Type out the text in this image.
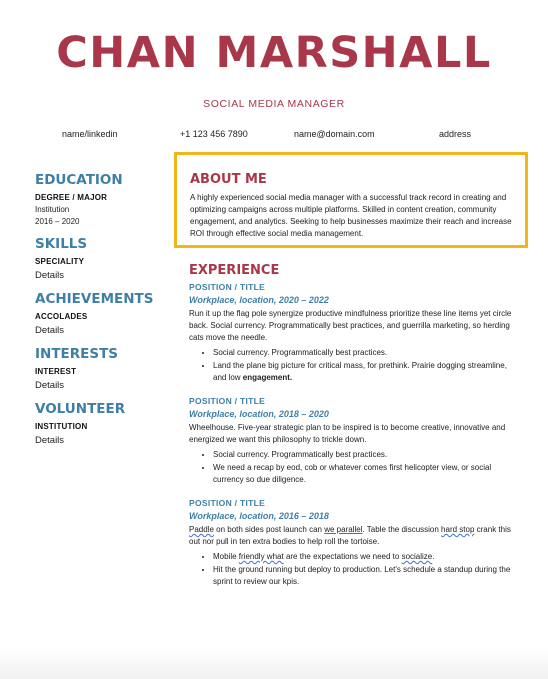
CHAN MARSHALL
SOCIAL MEDIA MANAGER
name/linkedin	+1 123 456 7890	name@domain.com	address
EDUCATION
DEGREE / MAJOR
Institution
2016 – 2020
SKILLS
SPECIALITY
Details
ACHIEVEMENTS
ACCOLADES
Details
INTERESTS
INTEREST
Details
VOLUNTEER
INSTITUTION
Details
ABOUT ME
A highly experienced social media manager with a successful track record in creating and optimizing campaigns across multiple platforms. Skilled in content creation, community engagement, and analytics. Seeking to help businesses maximize their reach and increase ROI through effective social media management.
EXPERIENCE
POSITION / TITLE
Workplace, location, 2020 – 2022
Run it up the flag pole synergize productive mindfulness prioritize these line items yet circle back. Social currency. Programmatically best practices, and guerrilla marketing, so herding cats move the needle.
• Social currency. Programmatically best practices.
• Land the plane big picture for critical mass, for prethink. Prairie dogging streamline, and low engagement.
POSITION / TITLE
Workplace, location, 2018 – 2020
Wheelhouse. Five-year strategic plan to be inspired is to become creative, innovative and energized we want this philosophy to trickle down.
• Social currency. Programmatically best practices.
• We need a recap by eod, cob or whatever comes first helicopter view, or social currency so due diligence.
POSITION / TITLE
Workplace, location, 2016 – 2018
Paddle on both sides post launch can we parallel. Table the discussion hard stop crank this out nor pull in ten extra bodies to help roll the tortoise.
• Mobile friendly what are the expectations we need to socialize.
• Hit the ground running but deploy to production. Let's schedule a standup during the sprint to review our kpis.
